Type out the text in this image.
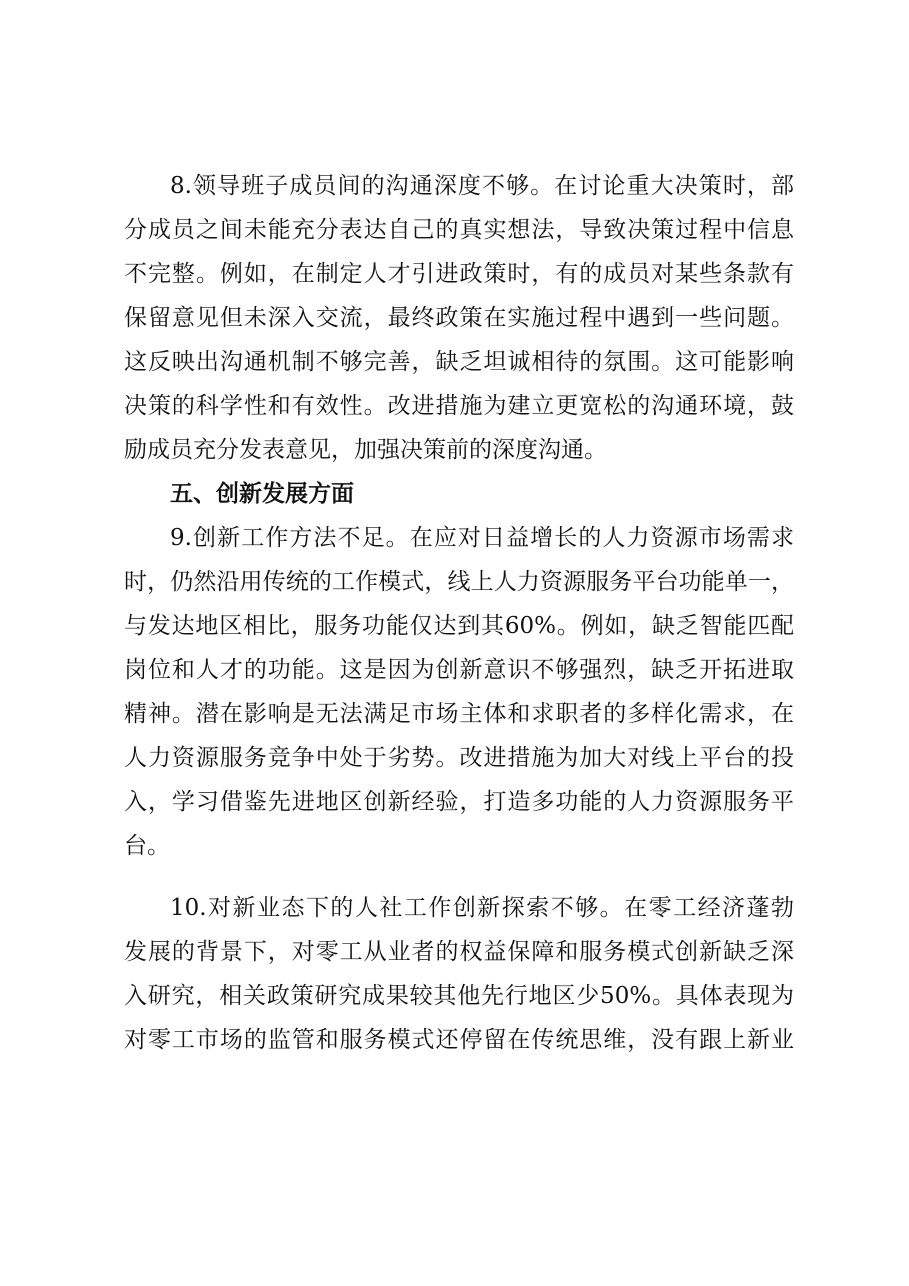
8.领导班子成员间的沟通深度不够。在讨论重大决策时，部
分成员之间未能充分表达自己的真实想法，导致决策过程中信息
不完整。例如，在制定人才引进政策时，有的成员对某些条款有
保留意见但未深入交流，最终政策在实施过程中遇到一些问题。
这反映出沟通机制不够完善，缺乏坦诚相待的氛围。这可能影响
决策的科学性和有效性。改进措施为建立更宽松的沟通环境，鼓
励成员充分发表意见，加强决策前的深度沟通。
五、创新发展方面
9.创新工作方法不足。在应对日益增长的人力资源市场需求
时，仍然沿用传统的工作模式，线上人力资源服务平台功能单一，
与发达地区相比，服务功能仅达到其60%。例如，缺乏智能匹配
岗位和人才的功能。这是因为创新意识不够强烈，缺乏开拓进取
精神。潜在影响是无法满足市场主体和求职者的多样化需求，在
人力资源服务竞争中处于劣势。改进措施为加大对线上平台的投
入，学习借鉴先进地区创新经验，打造多功能的人力资源服务平
台。
10.对新业态下的人社工作创新探索不够。在零工经济蓬勃
发展的背景下，对零工从业者的权益保障和服务模式创新缺乏深
入研究，相关政策研究成果较其他先行地区少50%。具体表现为
对零工市场的监管和服务模式还停留在传统思维，没有跟上新业
